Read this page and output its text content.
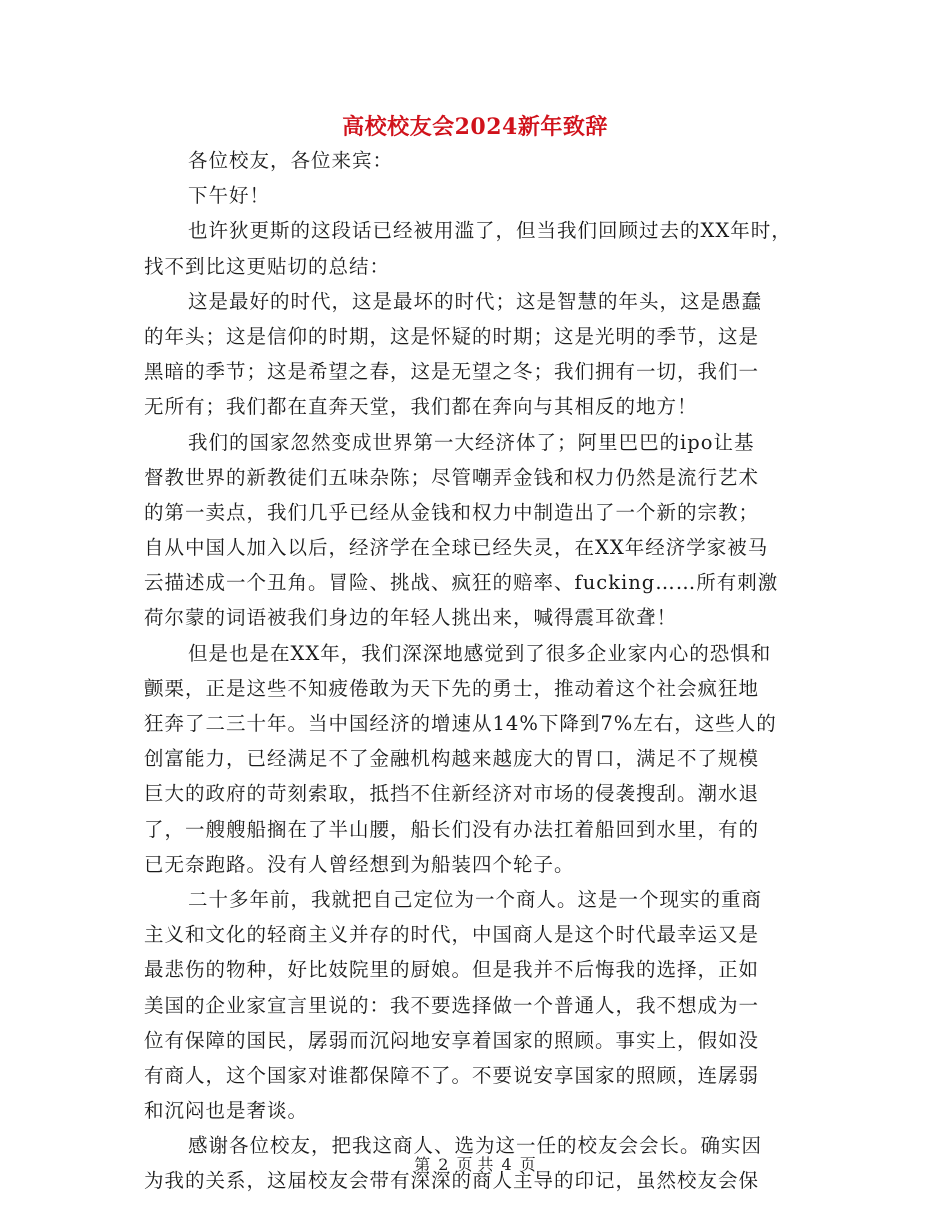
高校校友会2024新年致辞
各位校友，各位来宾：
下午好！
也许狄更斯的这段话已经被用滥了，但当我们回顾过去的XX年时，
找不到比这更贴切的总结：
这是最好的时代，这是最坏的时代；这是智慧的年头，这是愚蠢
的年头；这是信仰的时期，这是怀疑的时期；这是光明的季节，这是
黑暗的季节；这是希望之春，这是无望之冬；我们拥有一切，我们一
无所有；我们都在直奔天堂，我们都在奔向与其相反的地方！
我们的国家忽然变成世界第一大经济体了；阿里巴巴的ipo让基
督教世界的新教徒们五味杂陈；尽管嘲弄金钱和权力仍然是流行艺术
的第一卖点，我们几乎已经从金钱和权力中制造出了一个新的宗教；
自从中国人加入以后，经济学在全球已经失灵，在XX年经济学家被马
云描述成一个丑角。冒险、挑战、疯狂的赔率、fucking……所有刺激
荷尔蒙的词语被我们身边的年轻人挑出来，喊得震耳欲聋！
但是也是在XX年，我们深深地感觉到了很多企业家内心的恐惧和
颤栗，正是这些不知疲倦敢为天下先的勇士，推动着这个社会疯狂地
狂奔了二三十年。当中国经济的增速从14%下降到7%左右，这些人的
创富能力，已经满足不了金融机构越来越庞大的胃口，满足不了规模
巨大的政府的苛刻索取，抵挡不住新经济对市场的侵袭搜刮。潮水退
了，一艘艘船搁在了半山腰，船长们没有办法扛着船回到水里，有的
已无奈跑路。没有人曾经想到为船装四个轮子。
二十多年前，我就把自己定位为一个商人。这是一个现实的重商
主义和文化的轻商主义并存的时代，中国商人是这个时代最幸运又是
最悲伤的物种，好比妓院里的厨娘。但是我并不后悔我的选择，正如
美国的企业家宣言里说的：我不要选择做一个普通人，我不想成为一
位有保障的国民，孱弱而沉闷地安享着国家的照顾。事实上，假如没
有商人，这个国家对谁都保障不了。不要说安享国家的照顾，连孱弱
和沉闷也是奢谈。
感谢各位校友，把我这商人、选为这一任的校友会会长。确实因
为我的关系，这届校友会带有深深的商人主导的印记，虽然校友会保
第 2 页 共 4 页
